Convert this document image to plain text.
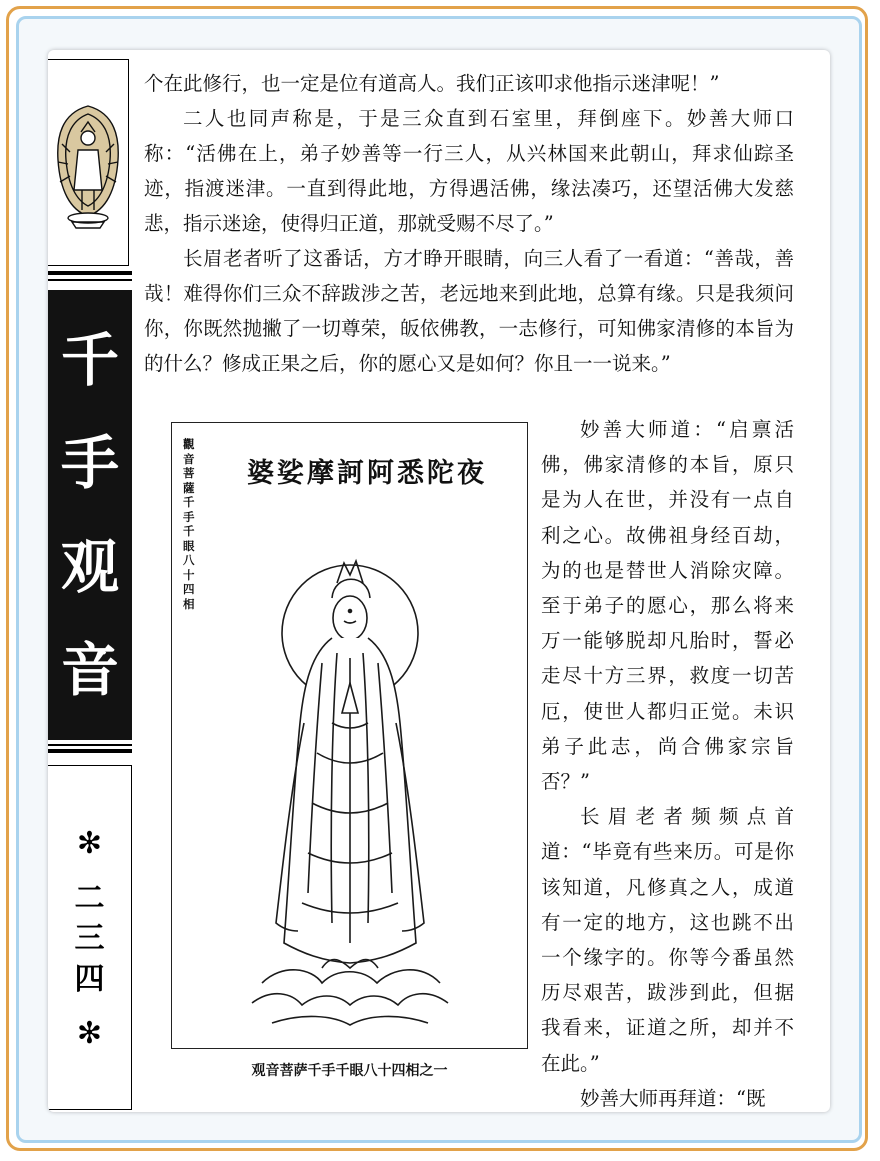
千
手
观
音
✻
二
三
四
✻

个在此修行，也一定是位有道高人。我们正该叩求他指示迷津呢！”

二人也同声称是，于是三众直到石室里，拜倒座下。妙善大师口称：“活佛在上，弟子妙善等一行三人，从兴林国来此朝山，拜求仙踪圣迹，指渡迷津。一直到得此地，方得遇活佛，缘法凑巧，还望活佛大发慈悲，指示迷途，使得归正道，那就受赐不尽了。”

长眉老者听了这番话，方才睁开眼睛，向三人看了一看道：“善哉，善哉！难得你们三众不辞跋涉之苦，老远地来到此地，总算有缘。只是我须问你，你既然抛撇了一切尊荣，皈依佛教，一志修行，可知佛家清修的本旨为的什么？修成正果之后，你的愿心又是如何？你且一一说来。”

觀音菩薩千手千眼八十四相
婆娑摩訶阿悉陀夜
观音菩萨千手千眼八十四相之一

妙善大师道：“启禀活佛，佛家清修的本旨，原只是为人在世，并没有一点自利之心。故佛祖身经百劫，为的也是替世人消除灾障。至于弟子的愿心，那么将来万一能够脱却凡胎时，誓必走尽十方三界，救度一切苦厄，使世人都归正觉。未识弟子此志，尚合佛家宗旨否？”

长眉老者频频点首道：“毕竟有些来历。可是你该知道，凡修真之人，成道有一定的地方，这也跳不出一个缘字的。你等今番虽然历尽艰苦，跋涉到此，但据我看来，证道之所，却并不在此。”

妙善大师再拜道：“既
